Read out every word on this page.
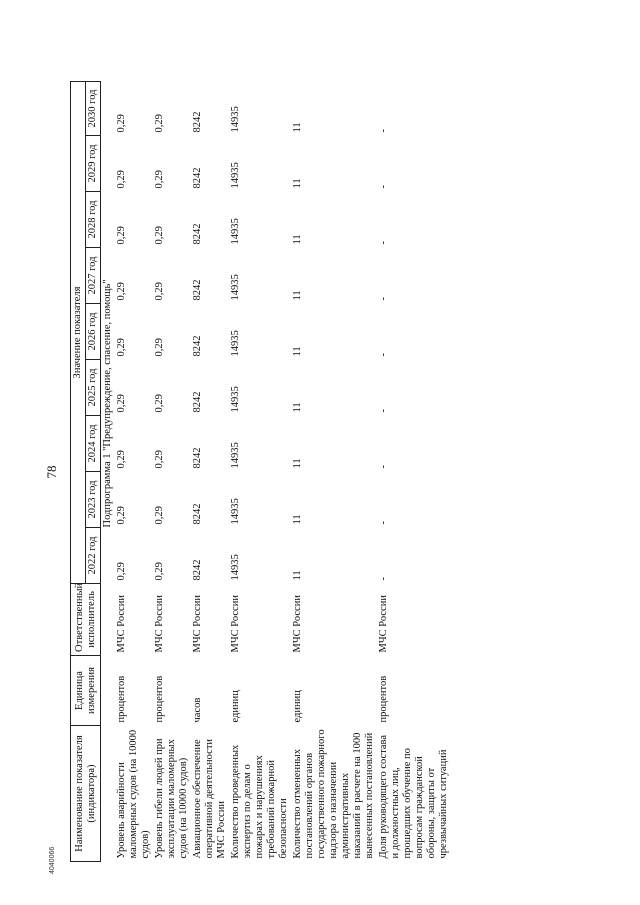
78
4040066
Наименование показателя (индикатора)	Единица измерения	Ответственный исполнитель	Значение показателя								
			2022 год	2023 год	2024 год	2025 год	2026 год	2027 год	2028 год	2029 год	2030 год
	Подпрограмма 1 "Предупреждение, спасение, помощь"										
Уровень аварийности маломерных судов (на 10000 судов)	процентов	МЧС России	0,29	0,29	0,29	0,29	0,29	0,29	0,29	0,29	0,29
Уровень гибели людей при эксплуатации маломерных судов (на 10000 судов)	процентов	МЧС России	0,29	0,29	0,29	0,29	0,29	0,29	0,29	0,29	0,29
Авиационное обеспечение оперативной деятельности МЧС России	часов	МЧС России	8242	8242	8242	8242	8242	8242	8242	8242	8242
Количество проведенных экспертиз по делам о пожарах и нарушениях требований пожарной безопасности	единиц	МЧС России	14935	14935	14935	14935	14935	14935	14935	14935	14935
Количество отмененных постановлений органов государственного пожарного надзора о назначении административных наказаний в расчете на 1000 вынесенных постановлений	единиц	МЧС России	11	11	11	11	11	11	11	11	11
Доля руководящего состава и должностных лиц, прошедших обучение по вопросам гражданской обороны, защиты от чрезвычайных ситуаций	процентов	МЧС России	-	-	-	-	-	-	-	-	-
